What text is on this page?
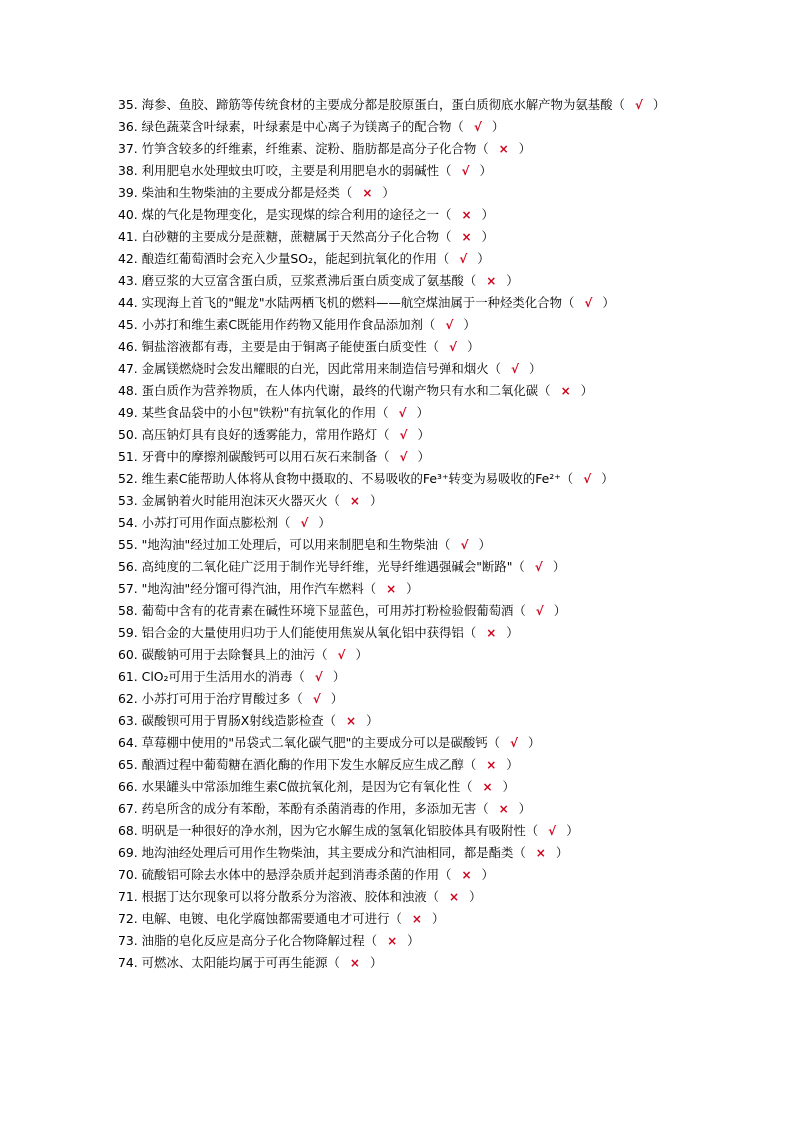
35. 海参、鱼胶、蹄筋等传统食材的主要成分都是胶原蛋白，蛋白质彻底水解产物为氨基酸（ √ ）
36. 绿色蔬菜含叶绿素，叶绿素是中心离子为镁离子的配合物（ √ ）
37. 竹笋含较多的纤维素，纤维素、淀粉、脂肪都是高分子化合物（ × ）
38. 利用肥皂水处理蚊虫叮咬，主要是利用肥皂水的弱碱性（ √ ）
39. 柴油和生物柴油的主要成分都是烃类（ × ）
40. 煤的气化是物理变化，是实现煤的综合利用的途径之一（ × ）
41. 白砂糖的主要成分是蔗糖，蔗糖属于天然高分子化合物（ × ）
42. 酿造红葡萄酒时会充入少量SO₂，能起到抗氧化的作用（ √ ）
43. 磨豆浆的大豆富含蛋白质，豆浆煮沸后蛋白质变成了氨基酸（ × ）
44. 实现海上首飞的"鲲龙"水陆两栖飞机的燃料——航空煤油属于一种烃类化合物（ √ ）
45. 小苏打和维生素C既能用作药物又能用作食品添加剂（ √ ）
46. 铜盐溶液都有毒，主要是由于铜离子能使蛋白质变性（ √ ）
47. 金属镁燃烧时会发出耀眼的白光，因此常用来制造信号弹和烟火（ √ ）
48. 蛋白质作为营养物质，在人体内代谢，最终的代谢产物只有水和二氧化碳（ × ）
49. 某些食品袋中的小包"铁粉"有抗氧化的作用（ √ ）
50. 高压钠灯具有良好的透雾能力，常用作路灯（ √ ）
51. 牙膏中的摩擦剂碳酸钙可以用石灰石来制备（ √ ）
52. 维生素C能帮助人体将从食物中摄取的、不易吸收的Fe³⁺转变为易吸收的Fe²⁺（ √ ）
53. 金属钠着火时能用泡沫灭火器灭火（ × ）
54. 小苏打可用作面点膨松剂（ √ ）
55. "地沟油"经过加工处理后，可以用来制肥皂和生物柴油（ √ ）
56. 高纯度的二氧化硅广泛用于制作光导纤维，光导纤维遇强碱会"断路"（ √ ）
57. "地沟油"经分馏可得汽油，用作汽车燃料（ × ）
58. 葡萄中含有的花青素在碱性环境下显蓝色，可用苏打粉检验假葡萄酒（ √ ）
59. 铝合金的大量使用归功于人们能使用焦炭从氧化铝中获得铝（ × ）
60. 碳酸钠可用于去除餐具上的油污（ √ ）
61. ClO₂可用于生活用水的消毒（ √ ）
62. 小苏打可用于治疗胃酸过多（ √ ）
63. 碳酸钡可用于胃肠X射线造影检查（ × ）
64. 草莓棚中使用的"吊袋式二氧化碳气肥"的主要成分可以是碳酸钙（ √ ）
65. 酿酒过程中葡萄糖在酒化酶的作用下发生水解反应生成乙醇（ × ）
66. 水果罐头中常添加维生素C做抗氧化剂，是因为它有氧化性（ × ）
67. 药皂所含的成分有苯酚，苯酚有杀菌消毒的作用，多添加无害（ × ）
68. 明矾是一种很好的净水剂，因为它水解生成的氢氧化铝胶体具有吸附性（ √ ）
69. 地沟油经处理后可用作生物柴油，其主要成分和汽油相同，都是酯类（ × ）
70. 硫酸铝可除去水体中的悬浮杂质并起到消毒杀菌的作用（ × ）
71. 根据丁达尔现象可以将分散系分为溶液、胶体和浊液（ × ）
72. 电解、电镀、电化学腐蚀都需要通电才可进行（ × ）
73. 油脂的皂化反应是高分子化合物降解过程（ × ）
74. 可燃冰、太阳能均属于可再生能源（ × ）
